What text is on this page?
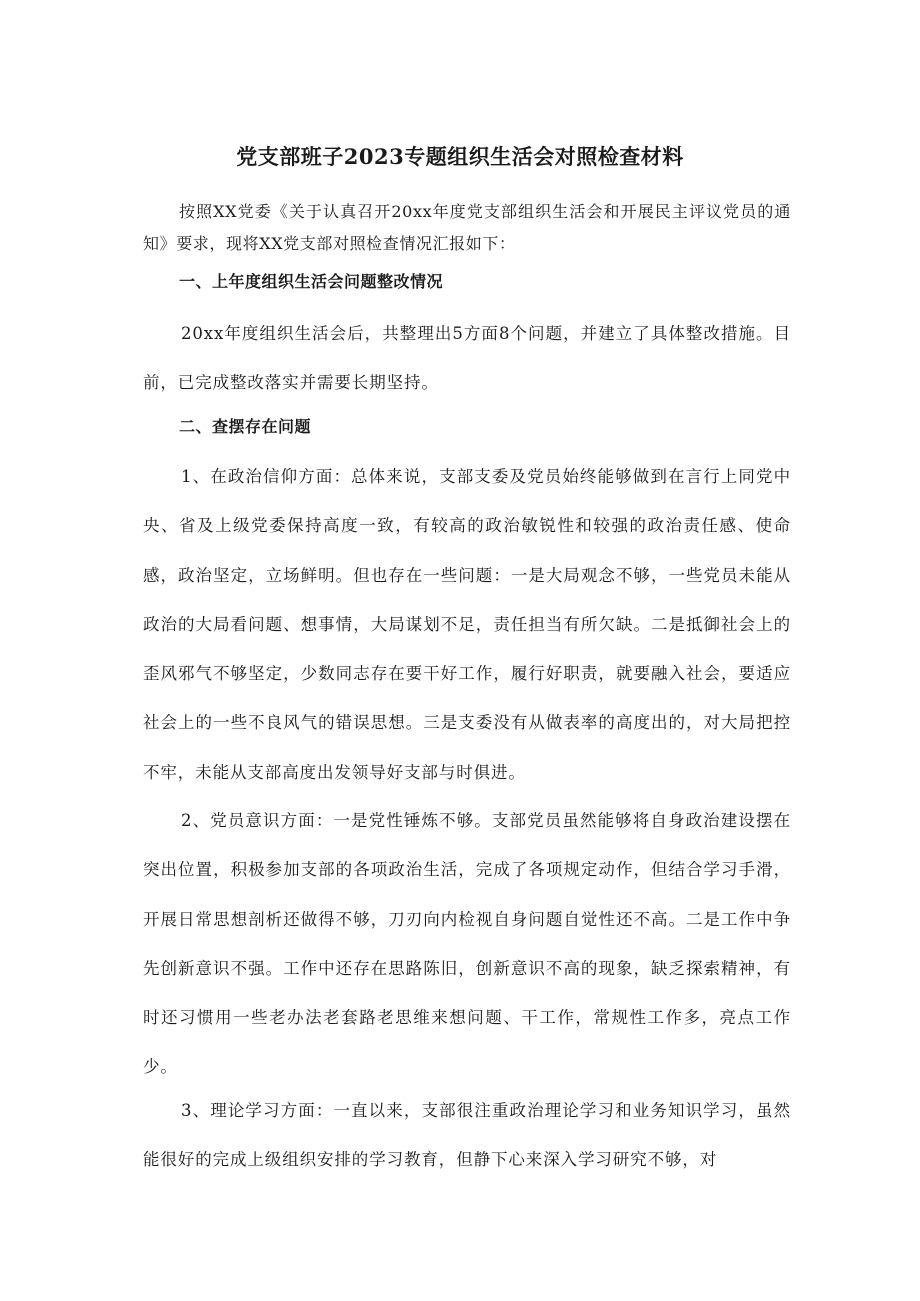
党支部班子2023专题组织生活会对照检查材料

按照XX党委《关于认真召开20xx年度党支部组织生活会和开展民主评议党员的通知》要求，现将XX党支部对照检查情况汇报如下：

一、上年度组织生活会问题整改情况

20xx年度组织生活会后，共整理出5方面8个问题，并建立了具体整改措施。目前，已完成整改落实并需要长期坚持。

二、查摆存在问题

1、在政治信仰方面：总体来说，支部支委及党员始终能够做到在言行上同党中央、省及上级党委保持高度一致，有较高的政治敏锐性和较强的政治责任感、使命感，政治坚定，立场鲜明。但也存在一些问题：一是大局观念不够，一些党员未能从政治的大局看问题、想事情，大局谋划不足，责任担当有所欠缺。二是抵御社会上的歪风邪气不够坚定，少数同志存在要干好工作，履行好职责，就要融入社会，要适应社会上的一些不良风气的错误思想。三是支委没有从做表率的高度出的，对大局把控不牢，未能从支部高度出发领导好支部与时俱进。

2、党员意识方面：一是党性锤炼不够。支部党员虽然能够将自身政治建设摆在突出位置，积极参加支部的各项政治生活，完成了各项规定动作，但结合学习手滑，开展日常思想剖析还做得不够，刀刃向内检视自身问题自觉性还不高。二是工作中争先创新意识不强。工作中还存在思路陈旧，创新意识不高的现象，缺乏探索精神，有时还习惯用一些老办法老套路老思维来想问题、干工作，常规性工作多，亮点工作少。

3、理论学习方面：一直以来，支部很注重政治理论学习和业务知识学习，虽然能很好的完成上级组织安排的学习教育，但静下心来深入学习研究不够，对
